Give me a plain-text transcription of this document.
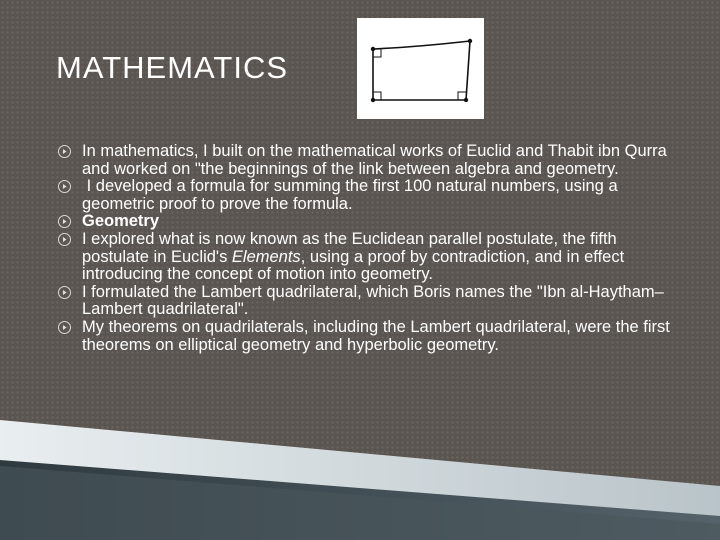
MATHEMATICS
In mathematics, I built on the mathematical works of Euclid and Thabit ibn Qurra and worked on "the beginnings of the link between algebra and geometry.
I developed a formula for summing the first 100 natural numbers, using a geometric proof to prove the formula.
Geometry
I explored what is now known as the Euclidean parallel postulate, the fifth postulate in Euclid's Elements, using a proof by contradiction, and in effect introducing the concept of motion into geometry.
I formulated the Lambert quadrilateral, which Boris names the "Ibn al-Haytham–Lambert quadrilateral".
My theorems on quadrilaterals, including the Lambert quadrilateral, were the first theorems on elliptical geometry and hyperbolic geometry.
